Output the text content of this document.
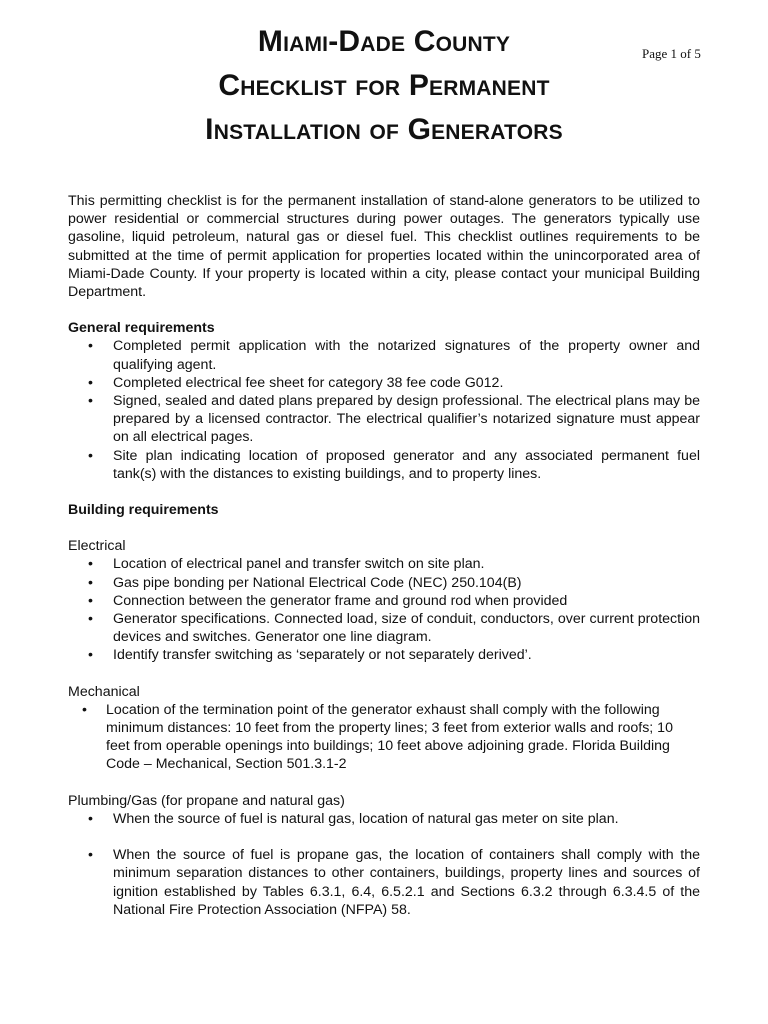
Page 1 of 5
Miami-Dade County
Checklist for Permanent
Installation of Generators

This permitting checklist is for the permanent installation of stand-alone generators to be utilized to power residential or commercial structures during power outages. The generators typically use gasoline, liquid petroleum, natural gas or diesel fuel. This checklist outlines requirements to be submitted at the time of permit application for properties located within the unincorporated area of Miami-Dade County. If your property is located within a city, please contact your municipal Building Department.

General requirements

•	Completed permit application with the notarized signatures of the property owner and qualifying agent.
•	Completed electrical fee sheet for category 38 fee code G012.
•	Signed, sealed and dated plans prepared by design professional. The electrical plans may be prepared by a licensed contractor. The electrical qualifier’s notarized signature must appear on all electrical pages.
•	Site plan indicating location of proposed generator and any associated permanent fuel tank(s) with the distances to existing buildings, and to property lines.

Building requirements

Electrical

•	Location of electrical panel and transfer switch on site plan.
•	Gas pipe bonding per National Electrical Code (NEC) 250.104(B)
•	Connection between the generator frame and ground rod when provided
•	Generator specifications. Connected load, size of conduit, conductors, over current protection devices and switches. Generator one line diagram.
•	Identify transfer switching as ‘separately or not separately derived’.

Mechanical

•	Location of the termination point of the generator exhaust shall comply with the following minimum distances: 10 feet from the property lines; 3 feet from exterior walls and roofs; 10 feet from operable openings into buildings; 10 feet above adjoining grade. Florida Building Code – Mechanical, Section 501.3.1-2

Plumbing/Gas (for propane and natural gas)

•	When the source of fuel is natural gas, location of natural gas meter on site plan.
•	When the source of fuel is propane gas, the location of containers shall comply with the minimum separation distances to other containers, buildings, property lines and sources of ignition established by Tables 6.3.1, 6.4, 6.5.2.1 and Sections 6.3.2 through 6.3.4.5 of the National Fire Protection Association (NFPA) 58.
